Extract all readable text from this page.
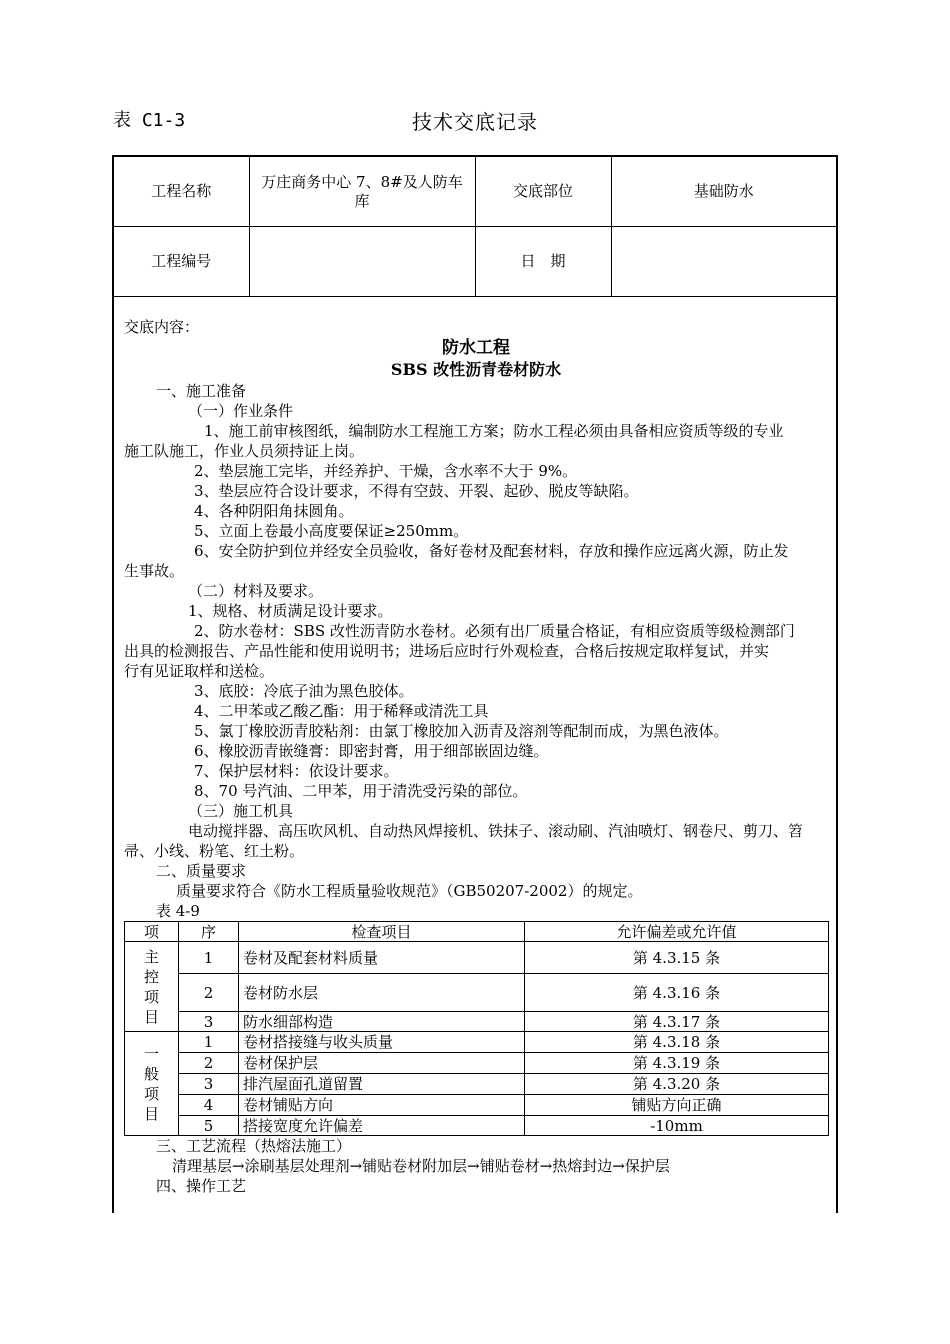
表 C1-3	技术交底记录
工程名称	万庄商务中心 7、8#及人防车库	交底部位	基础防水
工程编号		日　期	

交底内容：

防水工程

SBS 改性沥青卷材防水

一、施工准备

（一）作业条件

1、施工前审核图纸，编制防水工程施工方案；防水工程必须由具备相应资质等级的专业

施工队施工，作业人员须持证上岗。

2、垫层施工完毕，并经养护、干燥，含水率不大于 9%。

3、垫层应符合设计要求，不得有空鼓、开裂、起砂、脱皮等缺陷。

4、各种阴阳角抹圆角。

5、立面上卷最小高度要保证≥250mm。

6、安全防护到位并经安全员验收，备好卷材及配套材料，存放和操作应远离火源，防止发

生事故。

（二）材料及要求。

1、规格、材质满足设计要求。

2、防水卷材：SBS 改性沥青防水卷材。必须有出厂质量合格证，有相应资质等级检测部门

出具的检测报告、产品性能和使用说明书；进场后应时行外观检查，合格后按规定取样复试，并实

行有见证取样和送检。

3、底胶：冷底子油为黑色胶体。

4、二甲苯或乙酸乙酯：用于稀释或清洗工具

5、氯丁橡胶沥青胶粘剂：由氯丁橡胶加入沥青及溶剂等配制而成，为黑色液体。

6、橡胶沥青嵌缝膏：即密封膏，用于细部嵌固边缝。

7、保护层材料：依设计要求。

8、70 号汽油、二甲苯，用于清洗受污染的部位。

（三）施工机具

电动搅拌器、高压吹风机、自动热风焊接机、铁抹子、滚动刷、汽油喷灯、钢卷尺、剪刀、笤

帚、小线、粉笔、红土粉。

二、质量要求

质量要求符合《防水工程质量验收规范》（GB50207-2002）的规定。

表 4-9

项	序	检查项目	允许偏差或允许值
主
控
项
目	1	卷材及配套材料质量	第 4.3.15 条
	2	卷材防水层	第 4.3.16 条
	3	防水细部构造	第 4.3.17 条
一
般
项
目	1	卷材搭接缝与收头质量	第 4.3.18 条
	2	卷材保护层	第 4.3.19 条
	3	排汽屋面孔道留置	第 4.3.20 条
	4	卷材铺贴方向	铺贴方向正确
	5	搭接宽度允许偏差	-10mm

三、工艺流程（热熔法施工）

清理基层→涂刷基层处理剂→铺贴卷材附加层→铺贴卷材→热熔封边→保护层

四、操作工艺
